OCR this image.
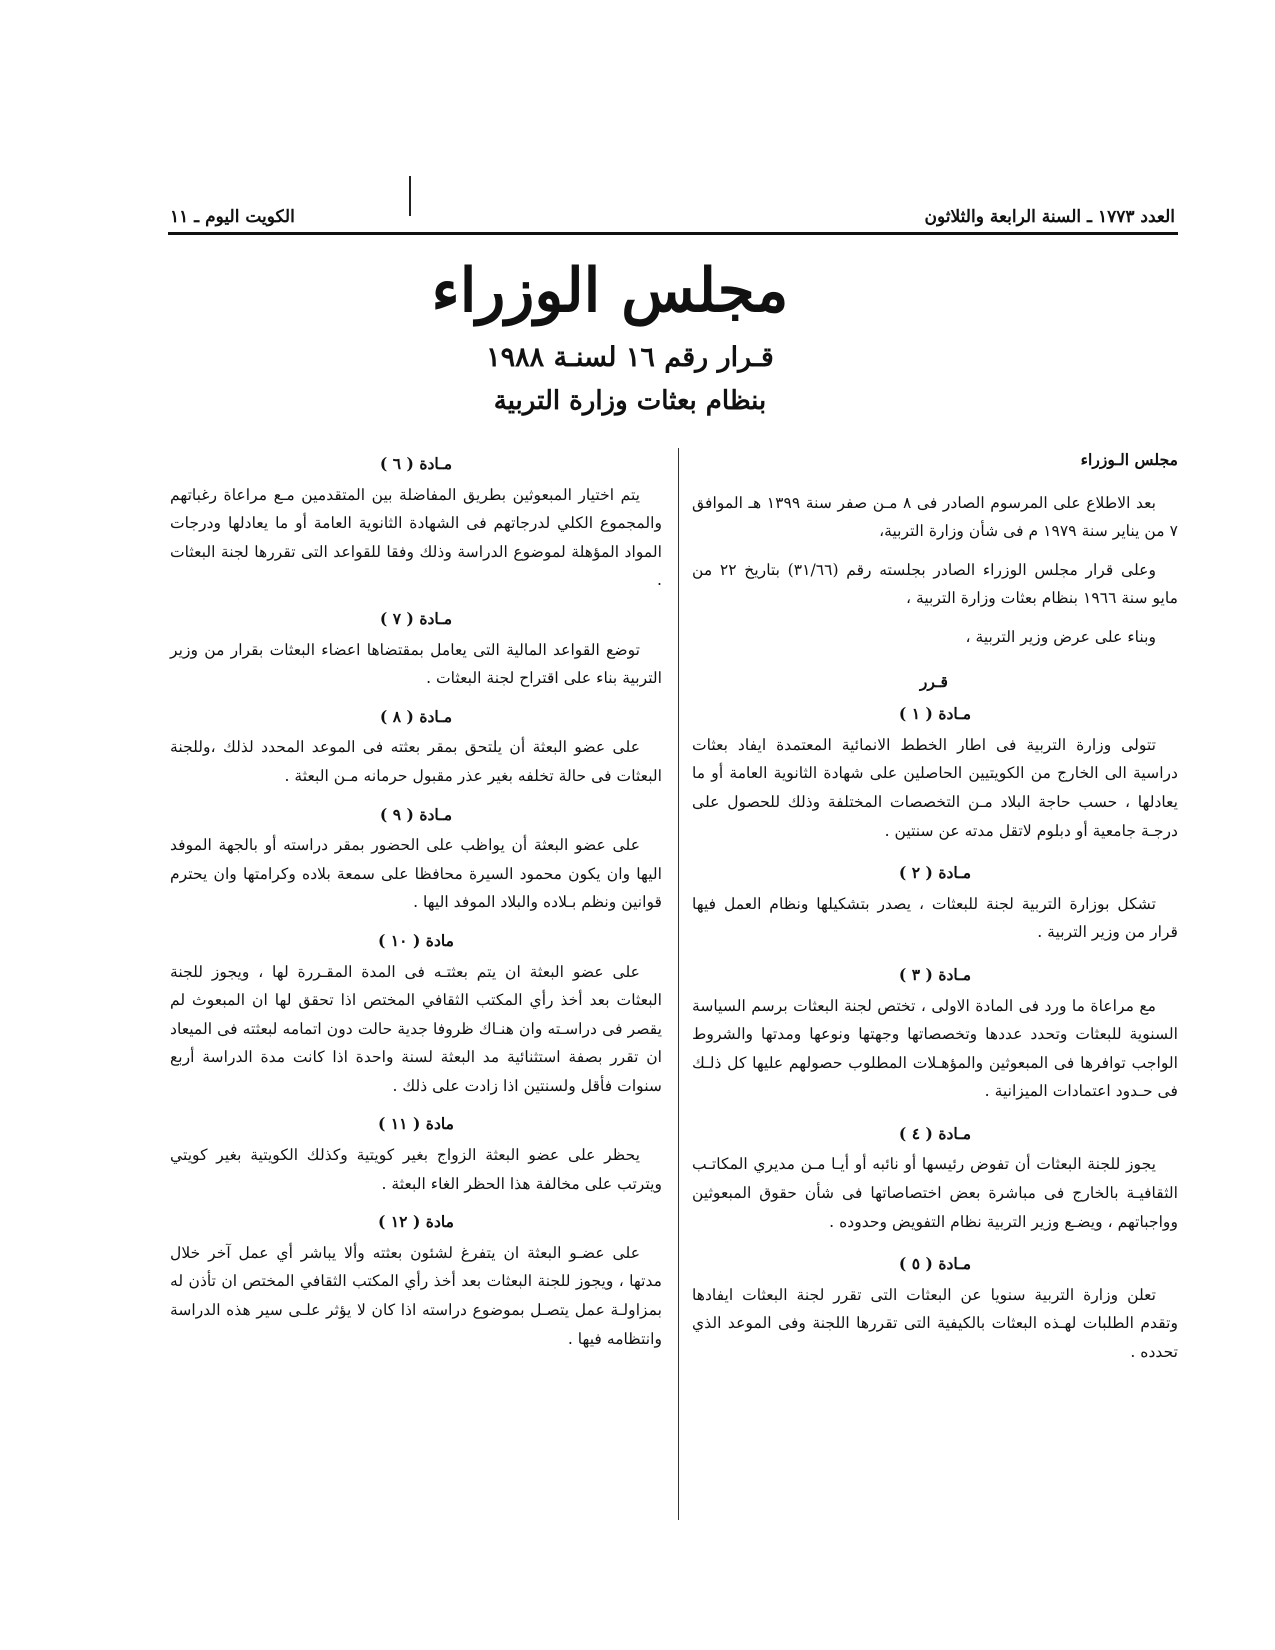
الكويت اليوم ـ ١١	العدد ١٧٧٣ ـ السنة الرابعة والثلاثون
مجلس الوزراء
قـرار رقم ١٦ لسنـة ١٩٨٨
بنظام بعثات وزارة التربية
مجلس الـوزراء

بعد الاطلاع على المرسوم الصادر فى ٨ مـن صفر سنة ١٣٩٩ هـ الموافق ٧ من يناير سنة ١٩٧٩ م فى شأن وزارة التربية،

وعلى قرار مجلس الوزراء الصادر بجلسته رقم (٣١/٦٦) بتاريخ ٢٢ من مايو سنة ١٩٦٦ بنظام بعثات وزارة التربية ،

وبناء على عرض وزير التربية ،

قـرر
مـادة ( ١ )

تتولى وزارة التربية فى اطار الخطط الانمائية المعتمدة ايفاد بعثات دراسية الى الخارج من الكويتيين الحاصلين على شهادة الثانوية العامة أو ما يعادلها ، حسب حاجة البلاد مـن التخصصات المختلفة وذلك للحصول على درجـة جامعية أو دبلوم لاتقل مدته عن سنتين .

مـادة ( ٢ )

تشكل بوزارة التربية لجنة للبعثات ، يصدر بتشكيلها ونظام العمل فيها قرار من وزير التربية .

مـادة ( ٣ )

مع مراعاة ما ورد فى المادة الاولى ، تختص لجنة البعثات برسم السياسة السنوية للبعثات وتحدد عددها وتخصصاتها وجهتها ونوعها ومدتها والشروط الواجب توافرها فى المبعوثين والمؤهـلات المطلوب حصولهم عليها كل ذلـك فى حـدود اعتمادات الميزانية .

مـادة ( ٤ )

يجوز للجنة البعثات أن تفوض رئيسها أو نائبه أو أيـا مـن مديري المكاتـب الثقافيـة بالخارج فى مباشرة بعض اختصاصاتها فى شأن حقوق المبعوثين وواجباتهم ، ويضـع وزير التربية نظام التفويض وحدوده .

مـادة ( ٥ )

تعلن وزارة التربية سنويا عن البعثات التى تقرر لجنة البعثات ايفادها وتقدم الطلبات لهـذه البعثات بالكيفية التى تقررها اللجنة وفى الموعد الذي تحدده .

مـادة ( ٦ )

يتم اختيار المبعوثين بطريق المفاضلة بين المتقدمين مـع مراعاة رغباتهم والمجموع الكلي لدرجاتهم فى الشهادة الثانوية العامة أو ما يعادلها ودرجات المواد المؤهلة لموضوع الدراسة وذلك وفقا للقواعد التى تقررها لجنة البعثات .

مـادة ( ٧ )

توضع القواعد المالية التى يعامل بمقتضاها اعضاء البعثات بقرار من وزير التربية بناء على اقتراح لجنة البعثات .

مـادة ( ٨ )

على عضو البعثة أن يلتحق بمقر بعثته فى الموعد المحدد لذلك ،وللجنة البعثات فى حالة تخلفه بغير عذر مقبول حرمانه مـن البعثة .

مـادة ( ٩ )

على عضو البعثة أن يواظب على الحضور بمقر دراسته أو بالجهة الموفد اليها وان يكون محمود السيرة محافظا على سمعة بلاده وكرامتها وان يحترم قوانين ونظم بـلاده والبلاد الموفد اليها .

مادة ( ١٠ )

على عضو البعثة ان يتم بعثتـه فى المدة المقـررة لها ، ويجوز للجنة البعثات بعد أخذ رأي المكتب الثقافي المختص اذا تحقق لها ان المبعوث لم يقصر فى دراسـته وان هنـاك ظروفا جدية حالت دون اتمامه لبعثته فى الميعاد ان تقرر بصفة استثنائية مد البعثة لسنة واحدة اذا كانت مدة الدراسة أربع سنوات فأقل ولسنتين اذا زادت على ذلك .

مادة ( ١١ )

يحظر على عضو البعثة الزواج بغير كويتية وكذلك الكويتية بغير كويتي ويترتب على مخالفة هذا الحظر الغاء البعثة .

مادة ( ١٢ )

على عضـو البعثة ان يتفرغ لشئون بعثته وألا يباشر أي عمل آخر خلال مدتها ، ويجوز للجنة البعثات بعد أخذ رأي المكتب الثقافي المختص ان تأذن له بمزاولـة عمل يتصـل بموضوع دراسته اذا كان لا يؤثر علـى سير هذه الدراسة وانتظامه فيها .
